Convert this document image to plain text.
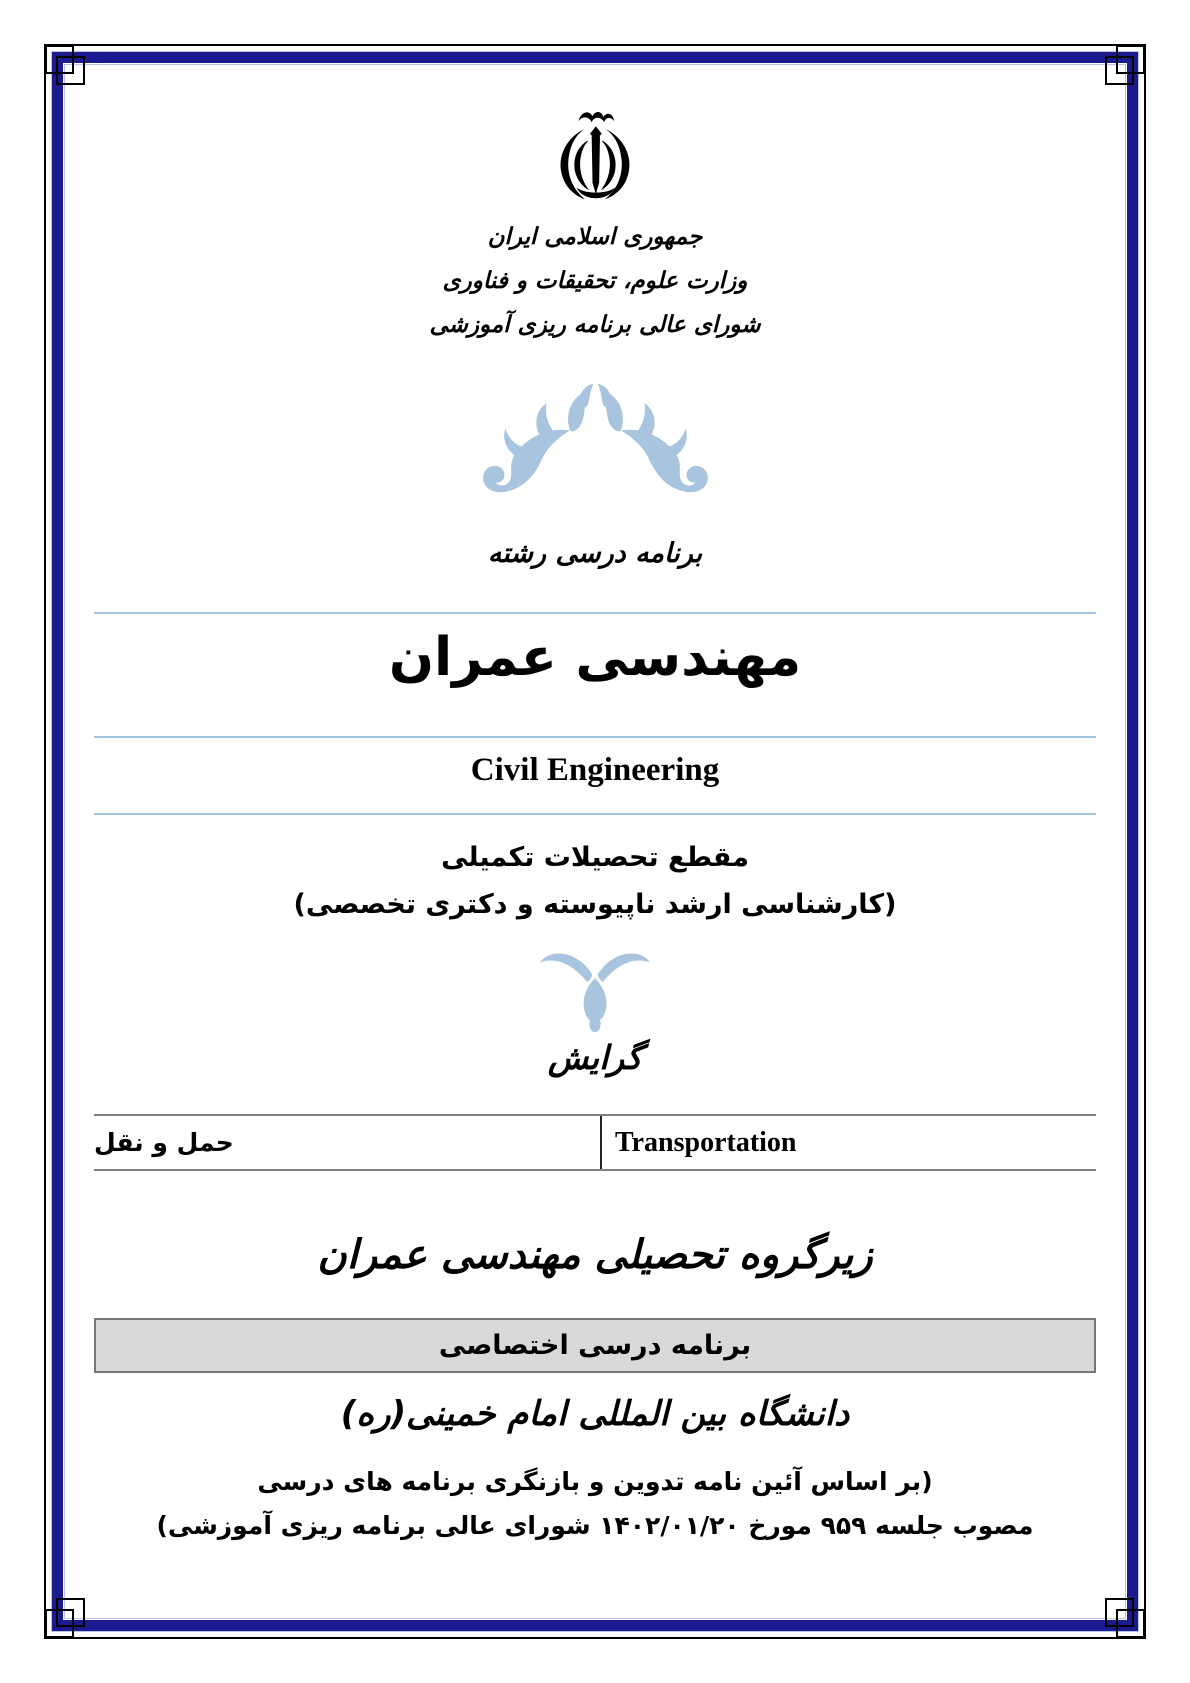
جمهوری اسلامی ایران
وزارت علوم، تحقیقات و فناوری
شورای عالی برنامه ریزی آموزشی
برنامه درسی رشته
مهندسی عمران
Civil Engineering
مقطع تحصیلات تکمیلی
(کارشناسی ارشد ناپیوسته و دکتری تخصصی)
گرایش
حمل و نقل	Transportation
زیرگروه تحصیلی مهندسی عمران
برنامه درسی اختصاصی
دانشگاه بین المللی امام خمینی(ره)
(بر اساس آئین نامه تدوین و بازنگری برنامه های درسی
مصوب جلسه ۹۵۹ مورخ ۱۴۰۲/۰۱/۲۰ شورای عالی برنامه ریزی آموزشی)
